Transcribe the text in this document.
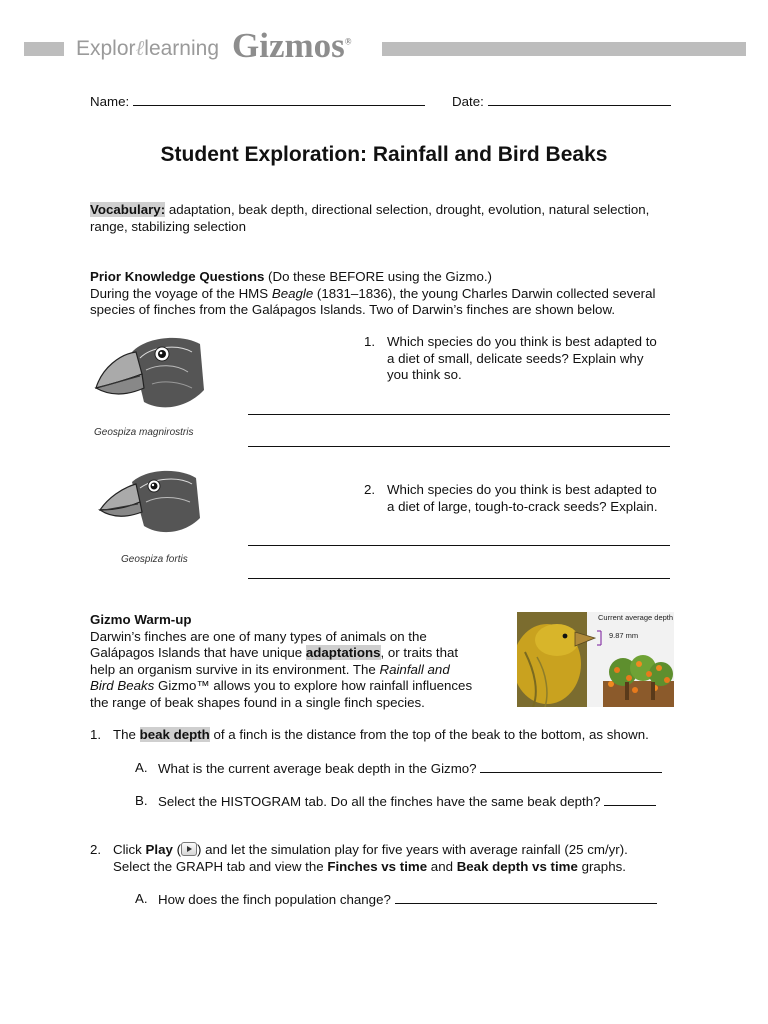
Explorℓlearning Gizmos®
Name:	Date:
Student Exploration: Rainfall and Bird Beaks
Vocabulary: adaptation, beak depth, directional selection, drought, evolution, natural selection,
range, stabilizing selection
Prior Knowledge Questions (Do these BEFORE using the Gizmo.)
During the voyage of the HMS Beagle (1831–1836), the young Charles Darwin collected several
species of finches from the Galápagos Islands. Two of Darwin’s finches are shown below.
Geospiza magnirostris
Geospiza fortis
1. Which species do you think is best adapted to
a diet of small, delicate seeds? Explain why
you think so.
2. Which species do you think is best adapted to
a diet of large, tough-to-crack seeds? Explain.
Gizmo Warm-up
Darwin’s finches are one of many types of animals on the
Galápagos Islands that have unique adaptations, or traits that
help an organism survive in its environment. The Rainfall and
Bird Beaks Gizmo™ allows you to explore how rainfall influences
the range of beak shapes found in a single finch species.
Current average depth
9.87 mm
1. The beak depth of a finch is the distance from the top of the beak to the bottom, as shown.
A. What is the current average beak depth in the Gizmo?
B. Select the HISTOGRAM tab. Do all the finches have the same beak depth?
2. Click Play ( ) and let the simulation play for five years with average rainfall (25 cm/yr).
Select the GRAPH tab and view the Finches vs time and Beak depth vs time graphs.
A. How does the finch population change?
